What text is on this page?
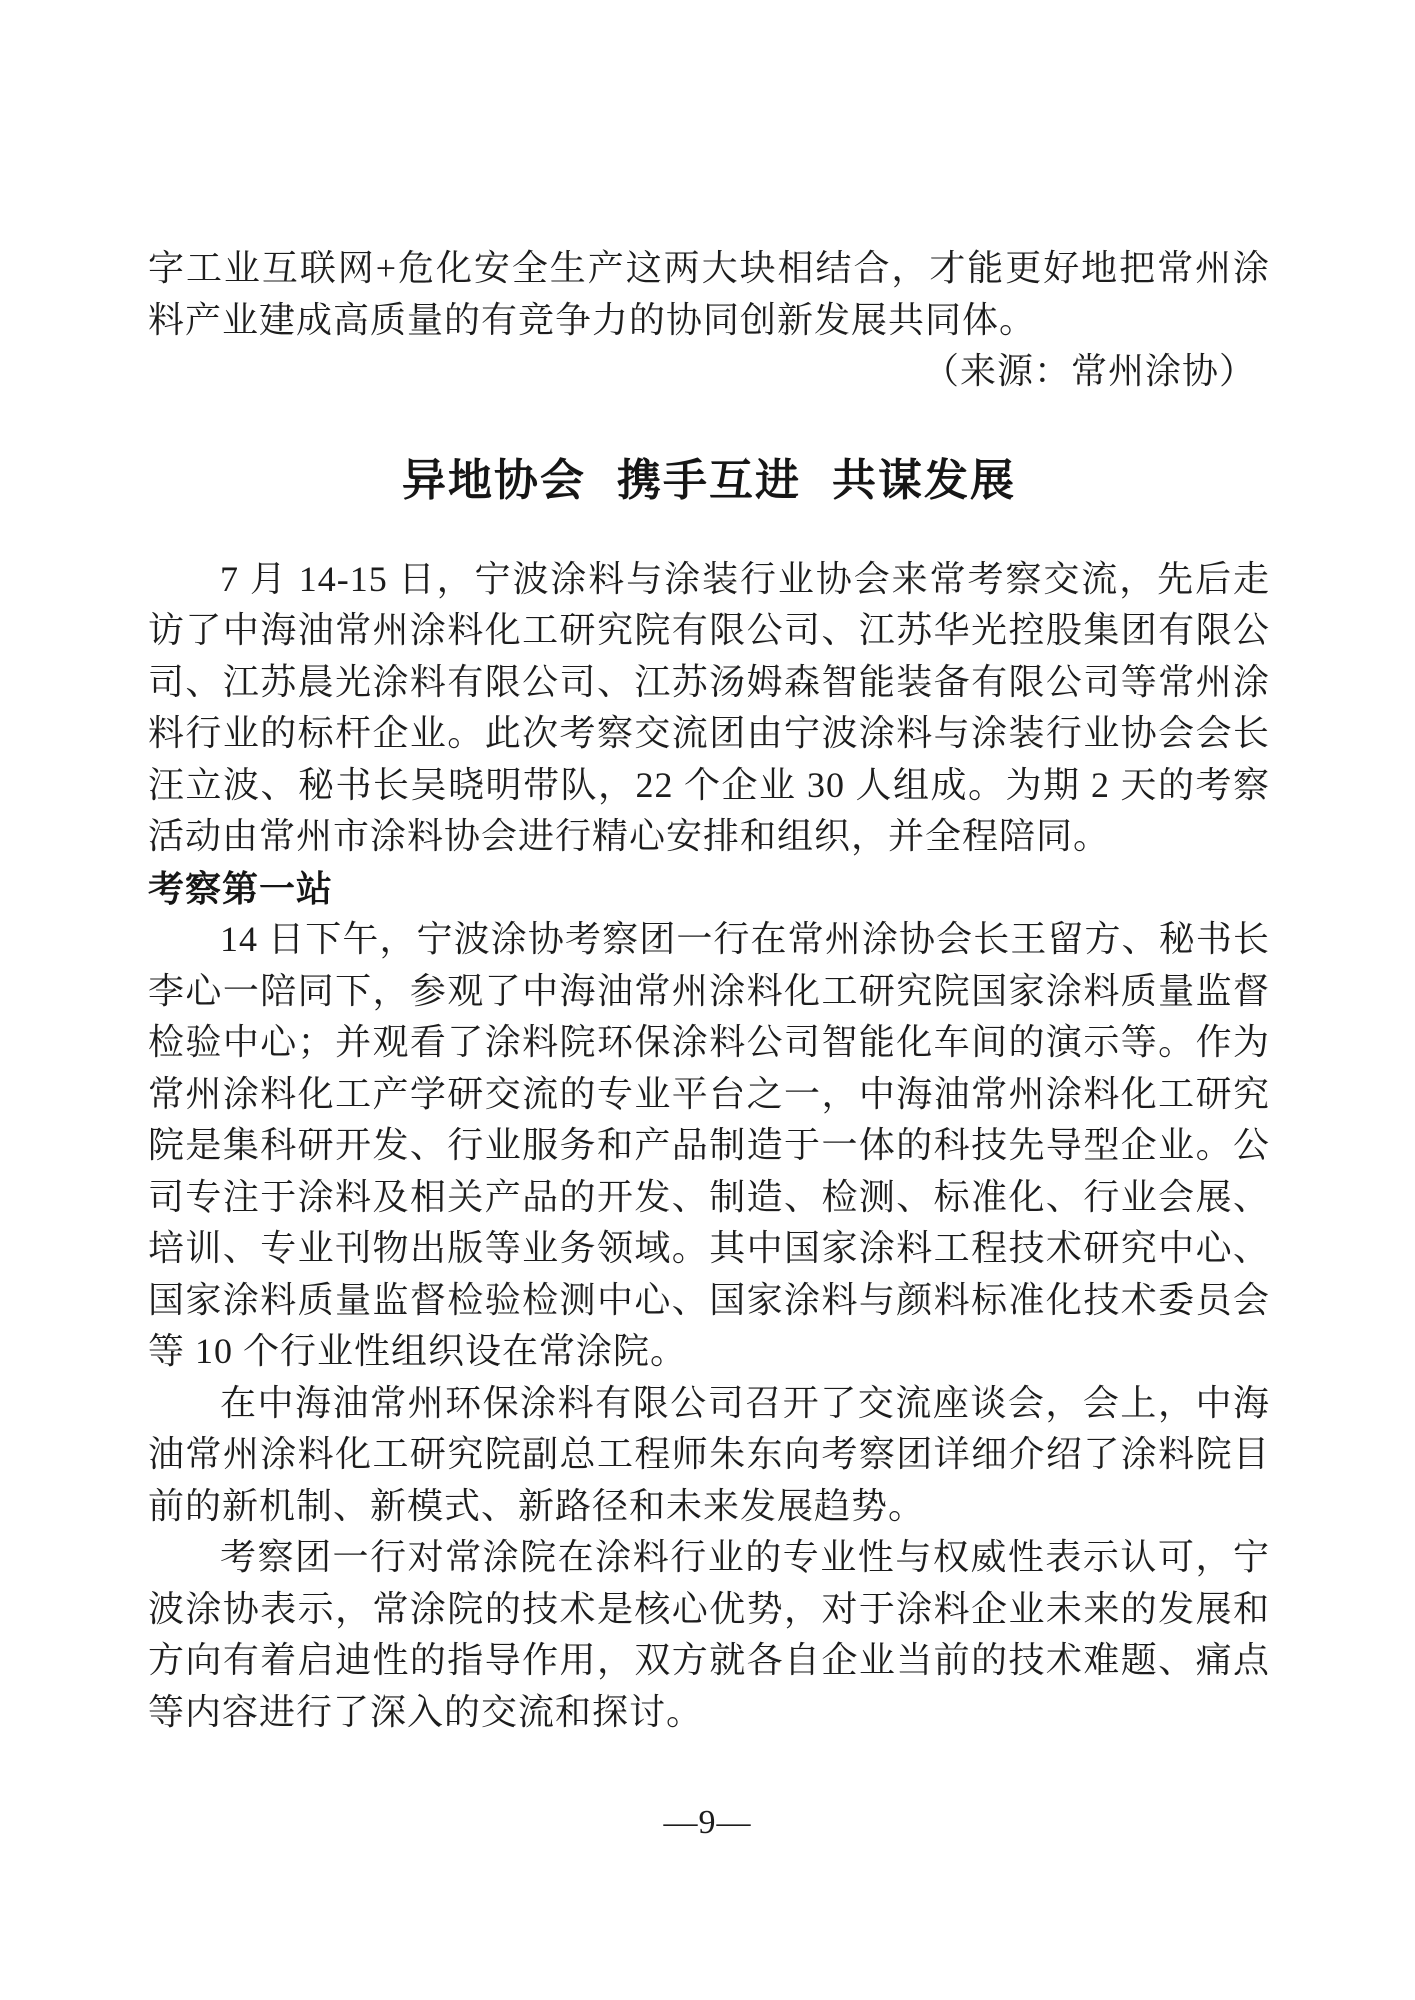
字工业互联网+危化安全生产这两大块相结合，才能更好地把常州涂料产业建成高质量的有竞争力的协同创新发展共同体。

（来源：常州涂协）

异地协会 携手互进 共谋发展

7 月 14-15 日，宁波涂料与涂装行业协会来常考察交流，先后走访了中海油常州涂料化工研究院有限公司、江苏华光控股集团有限公司、江苏晨光涂料有限公司、江苏汤姆森智能装备有限公司等常州涂料行业的标杆企业。此次考察交流团由宁波涂料与涂装行业协会会长汪立波、秘书长吴晓明带队，22 个企业 30 人组成。为期 2 天的考察活动由常州市涂料协会进行精心安排和组织，并全程陪同。

考察第一站

14 日下午，宁波涂协考察团一行在常州涂协会长王留方、秘书长李心一陪同下，参观了中海油常州涂料化工研究院国家涂料质量监督检验中心；并观看了涂料院环保涂料公司智能化车间的演示等。作为常州涂料化工产学研交流的专业平台之一，中海油常州涂料化工研究院是集科研开发、行业服务和产品制造于一体的科技先导型企业。公司专注于涂料及相关产品的开发、制造、检测、标准化、行业会展、培训、专业刊物出版等业务领域。其中国家涂料工程技术研究中心、国家涂料质量监督检验检测中心、国家涂料与颜料标准化技术委员会等 10 个行业性组织设在常涂院。

在中海油常州环保涂料有限公司召开了交流座谈会，会上，中海油常州涂料化工研究院副总工程师朱东向考察团详细介绍了涂料院目前的新机制、新模式、新路径和未来发展趋势。

考察团一行对常涂院在涂料行业的专业性与权威性表示认可，宁波涂协表示，常涂院的技术是核心优势，对于涂料企业未来的发展和方向有着启迪性的指导作用，双方就各自企业当前的技术难题、痛点等内容进行了深入的交流和探讨。

—9—
